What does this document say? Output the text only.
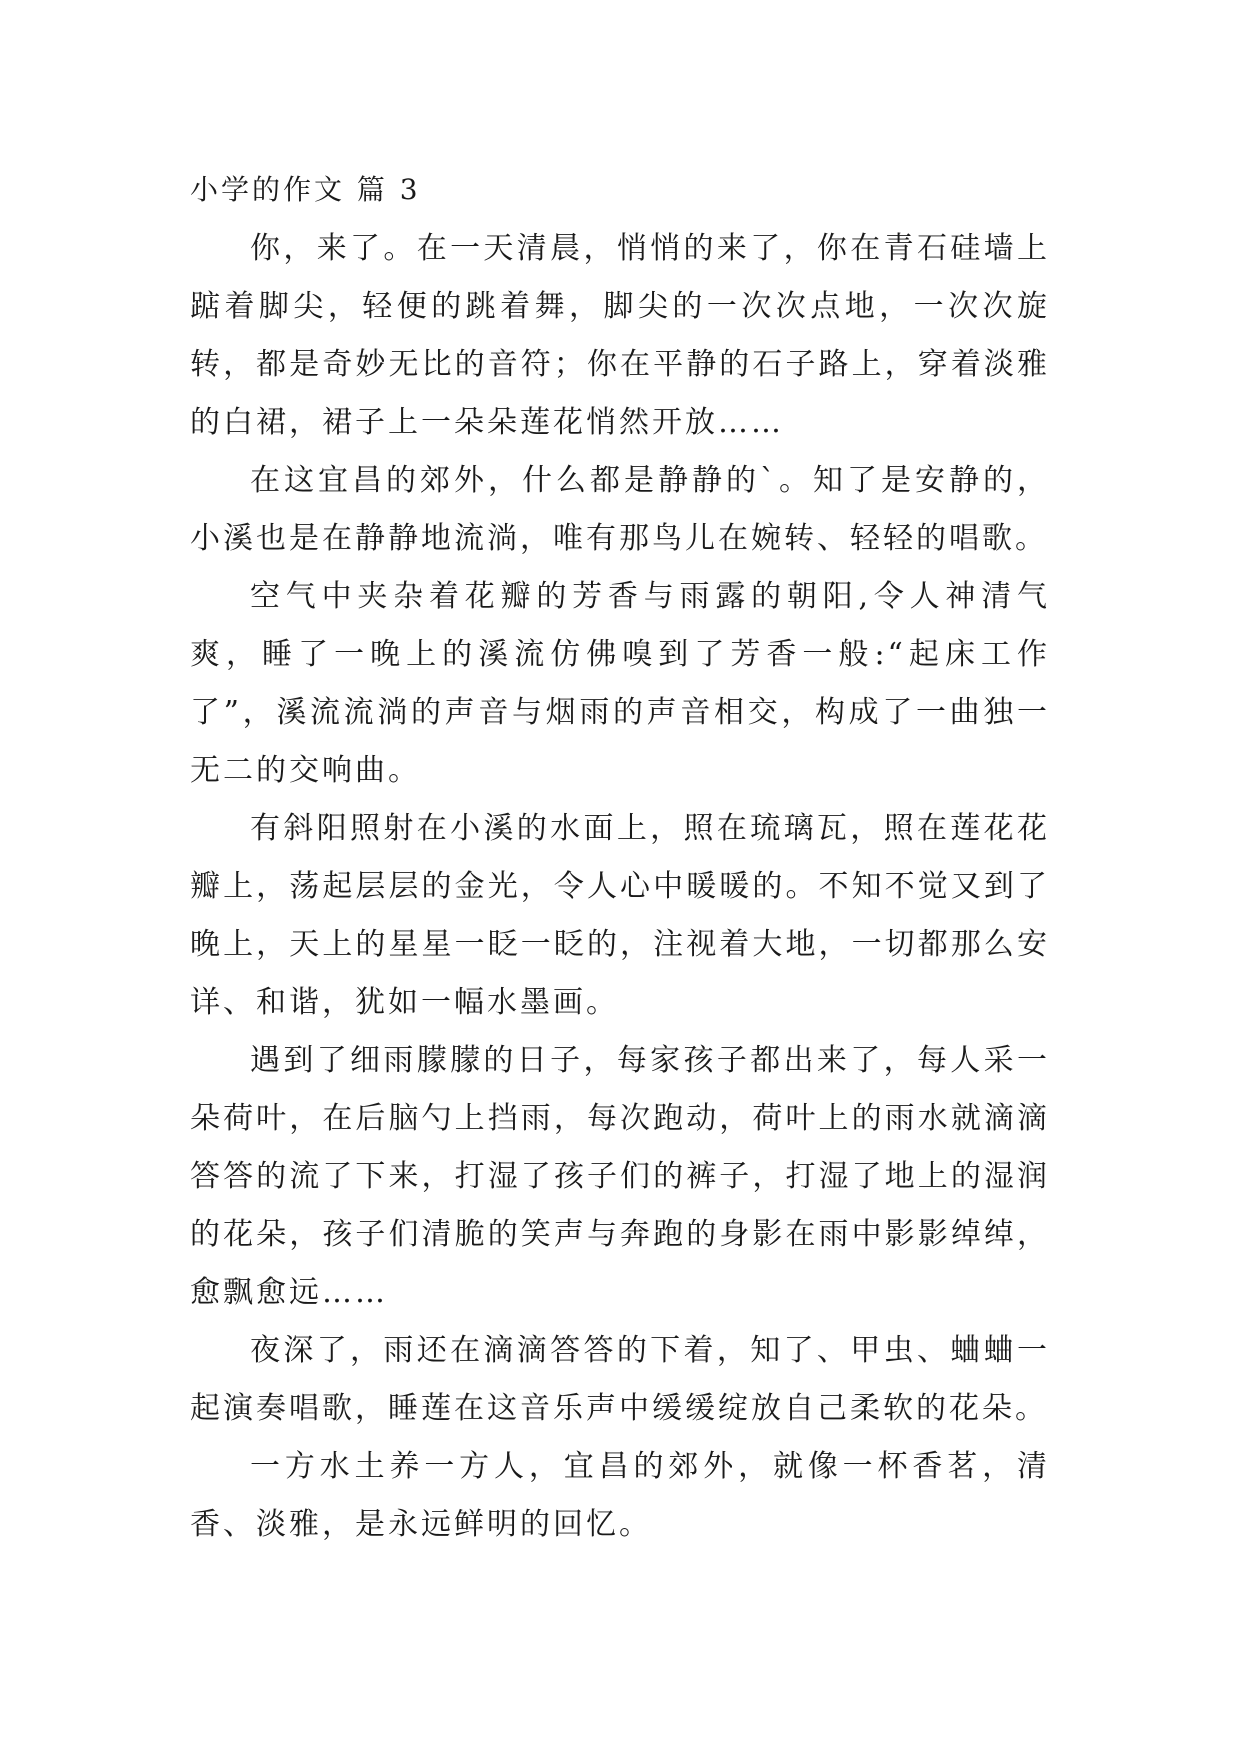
小学的作文 篇 3

你，来了。在一天清晨，悄悄的来了，你在青石硅墙上踮着脚尖，轻便的跳着舞，脚尖的一次次点地，一次次旋转，都是奇妙无比的音符；你在平静的石子路上，穿着淡雅的白裙，裙子上一朵朵莲花悄然开放……

在这宜昌的郊外，什么都是静静的`。知了是安静的，小溪也是在静静地流淌，唯有那鸟儿在婉转、轻轻的唱歌。

空气中夹杂着花瓣的芳香与雨露的朝阳,令人神清气爽，睡了一晚上的溪流仿佛嗅到了芳香一般:“起床工作了”，溪流流淌的声音与烟雨的声音相交，构成了一曲独一无二的交响曲。

有斜阳照射在小溪的水面上，照在琉璃瓦，照在莲花花瓣上，荡起层层的金光，令人心中暖暖的。不知不觉又到了晚上，天上的星星一眨一眨的，注视着大地，一切都那么安详、和谐，犹如一幅水墨画。

遇到了细雨朦朦的日子，每家孩子都出来了，每人采一朵荷叶，在后脑勺上挡雨，每次跑动，荷叶上的雨水就滴滴答答的流了下来，打湿了孩子们的裤子，打湿了地上的湿润的花朵，孩子们清脆的笑声与奔跑的身影在雨中影影绰绰，愈飘愈远……

夜深了，雨还在滴滴答答的下着，知了、甲虫、蛐蛐一起演奏唱歌，睡莲在这音乐声中缓缓绽放自己柔软的花朵。

一方水土养一方人，宜昌的郊外，就像一杯香茗，清香、淡雅，是永远鲜明的回忆。
